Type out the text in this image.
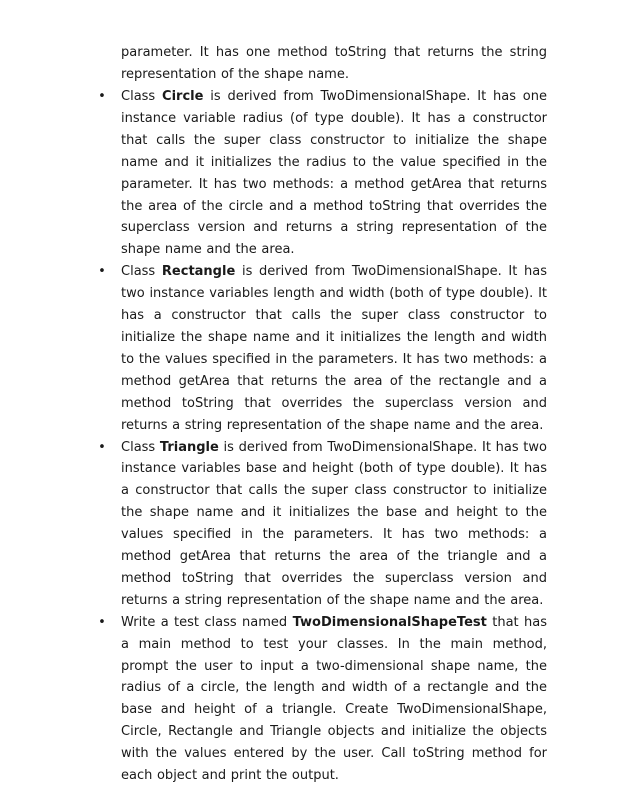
parameter. It has one method toString that returns the string representation of the shape name.

• Class Circle is derived from TwoDimensionalShape. It has one instance variable radius (of type double). It has a constructor that calls the super class constructor to initialize the shape name and it initializes the radius to the value specified in the parameter. It has two methods: a method getArea that returns the area of the circle and a method toString that overrides the superclass version and returns a string representation of the shape name and the area.

• Class Rectangle is derived from TwoDimensionalShape. It has two instance variables length and width (both of type double). It has a constructor that calls the super class constructor to initialize the shape name and it initializes the length and width to the values specified in the parameters. It has two methods: a method getArea that returns the area of the rectangle and a method toString that overrides the superclass version and returns a string representation of the shape name and the area.

• Class Triangle is derived from TwoDimensionalShape. It has two instance variables base and height (both of type double). It has a constructor that calls the super class constructor to initialize the shape name and it initializes the base and height to the values specified in the parameters. It has two methods: a method getArea that returns the area of the triangle and a method toString that overrides the superclass version and returns a string representation of the shape name and the area.

• Write a test class named TwoDimensionalShapeTest that has a main method to test your classes. In the main method, prompt the user to input a two-dimensional shape name, the radius of a circle, the length and width of a rectangle and the base and height of a triangle. Create TwoDimensionalShape, Circle, Rectangle and Triangle objects and initialize the objects with the values entered by the user. Call toString method for each object and print the output.
